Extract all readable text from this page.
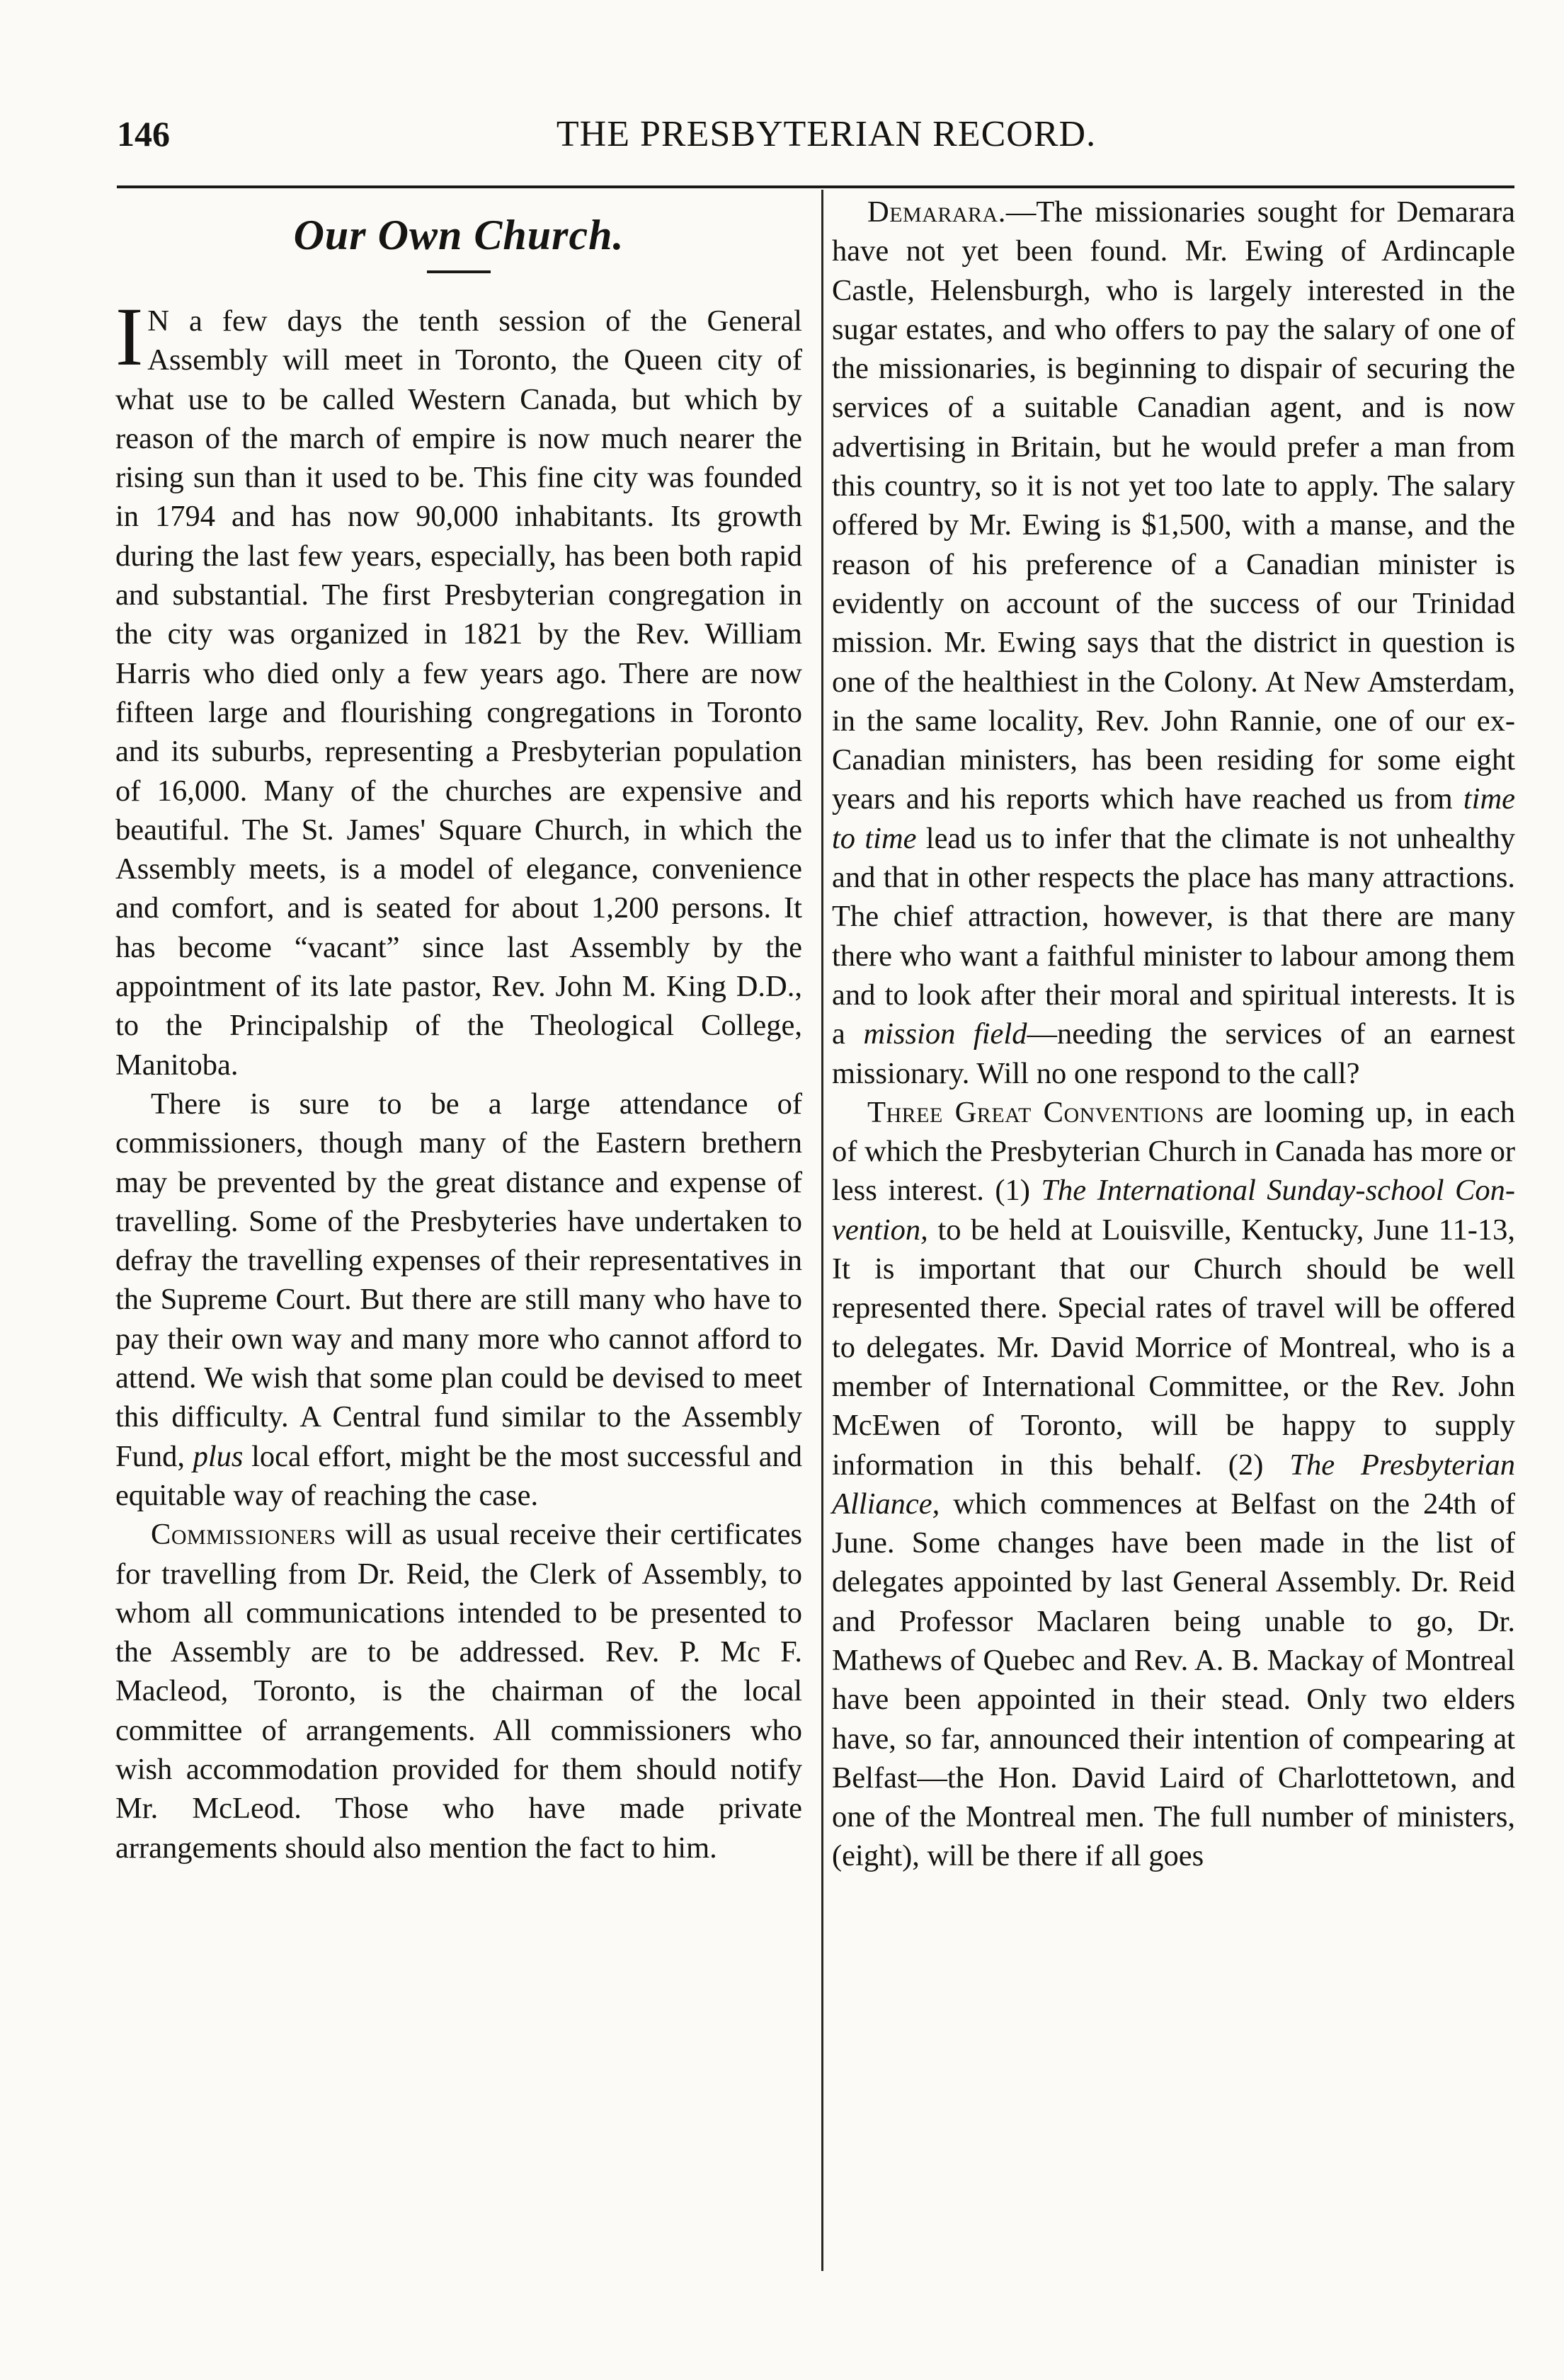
146	THE PRESBYTERIAN RECORD.
Our Own Church.

I N a few days the tenth session of the General Assembly will meet in Toronto, the Queen city of what use to be called Western Canada, but which by reason of the march of empire is now much nearer the rising sun than it used to be. This fine city was founded in 1794 and has now 90,000 inhabitants. Its growth during the last few years, especially, has been both rapid and substantial. The first Presbyterian congregation in the city was organized in 1821 by the Rev. William Harris who died only a few years ago. There are now fifteen large and flourishing congregations in Toronto and its suburbs, representing a Presbyterian population of 16,000. Many of the churches are expensive and beautiful. The St. James' Square Church, in which the Assembly meets, is a model of elegance, convenience and comfort, and is seated for about 1,200 persons. It has become “vacant” since last Assembly by the appointment of its late pastor, Rev. John M. King D.D., to the Principalship of the Theological College, Manitoba.

There is sure to be a large attendance of commissioners, though many of the Eastern brethern may be prevented by the great distance and expense of travelling. Some of the Presbyteries have undertaken to defray the travelling expenses of their representatives in the Supreme Court. But there are still many who have to pay their own way and many more who cannot afford to attend. We wish that some plan could be devised to meet this difficulty. A Central fund similar to the Assembly Fund, plus local effort, might be the most successful and equitable way of reaching the case.

Commissioners will as usual receive their certificates for travelling from Dr. Reid, the Clerk of Assembly, to whom all communications intended to be presented to the Assembly are to be addressed. Rev. P. Mc F. Macleod, Toronto, is the chairman of the local committee of arrangements. All commissioners who wish accommodation provided for them should notify Mr. McLeod. Those who have made private arrangements should also mention the fact to him.

Demarara.—The missionaries sought for Demarara have not yet been found. Mr. Ewing of Ardincaple Castle, Helensburgh, who is largely interested in the sugar estates, and who offers to pay the salary of one of the missionaries, is beginning to dispair of securing the services of a suitable Canadian agent, and is now advertising in Britain, but he would prefer a man from this country, so it is not yet too late to apply. The salary offered by Mr. Ewing is $1,500, with a manse, and the reason of his preference of a Canadian minister is evidently on account of the success of our Trinidad mission. Mr. Ewing says that the district in question is one of the healthiest in the Colony. At New Amsterdam, in the same locality, Rev. John Rannie, one of our ex-Canadian ministers, has been residing for some eight years and his reports which have reached us from time to time lead us to infer that the climate is not unhealthy and that in other respects the place has many attractions. The chief attraction, however, is that there are many there who want a faithful minister to labour among them and to look after their moral and spiritual interests. It is a mission field—needing the services of an earnest missionary. Will no one respond to the call?

Three Great Conventions are looming up, in each of which the Presbyterian Church in Canada has more or less interest. (1) The International Sunday-school Convention, to be held at Louisville, Kentucky, June 11-13, It is important that our Church should be well represented there. Special rates of travel will be offered to delegates. Mr. David Morrice of Montreal, who is a member of International Committee, or the Rev. John McEwen of Toronto, will be happy to supply information in this behalf. (2) The Presbyterian Alliance, which commences at Belfast on the 24th of June. Some changes have been made in the list of delegates appointed by last General Assembly. Dr. Reid and Professor Maclaren being unable to go, Dr. Mathews of Quebec and Rev. A. B. Mackay of Montreal have been appointed in their stead. Only two elders have, so far, announced their intention of compearing at Belfast—the Hon. David Laird of Charlottetown, and one of the Montreal men. The full number of ministers, (eight), will be there if all goes
